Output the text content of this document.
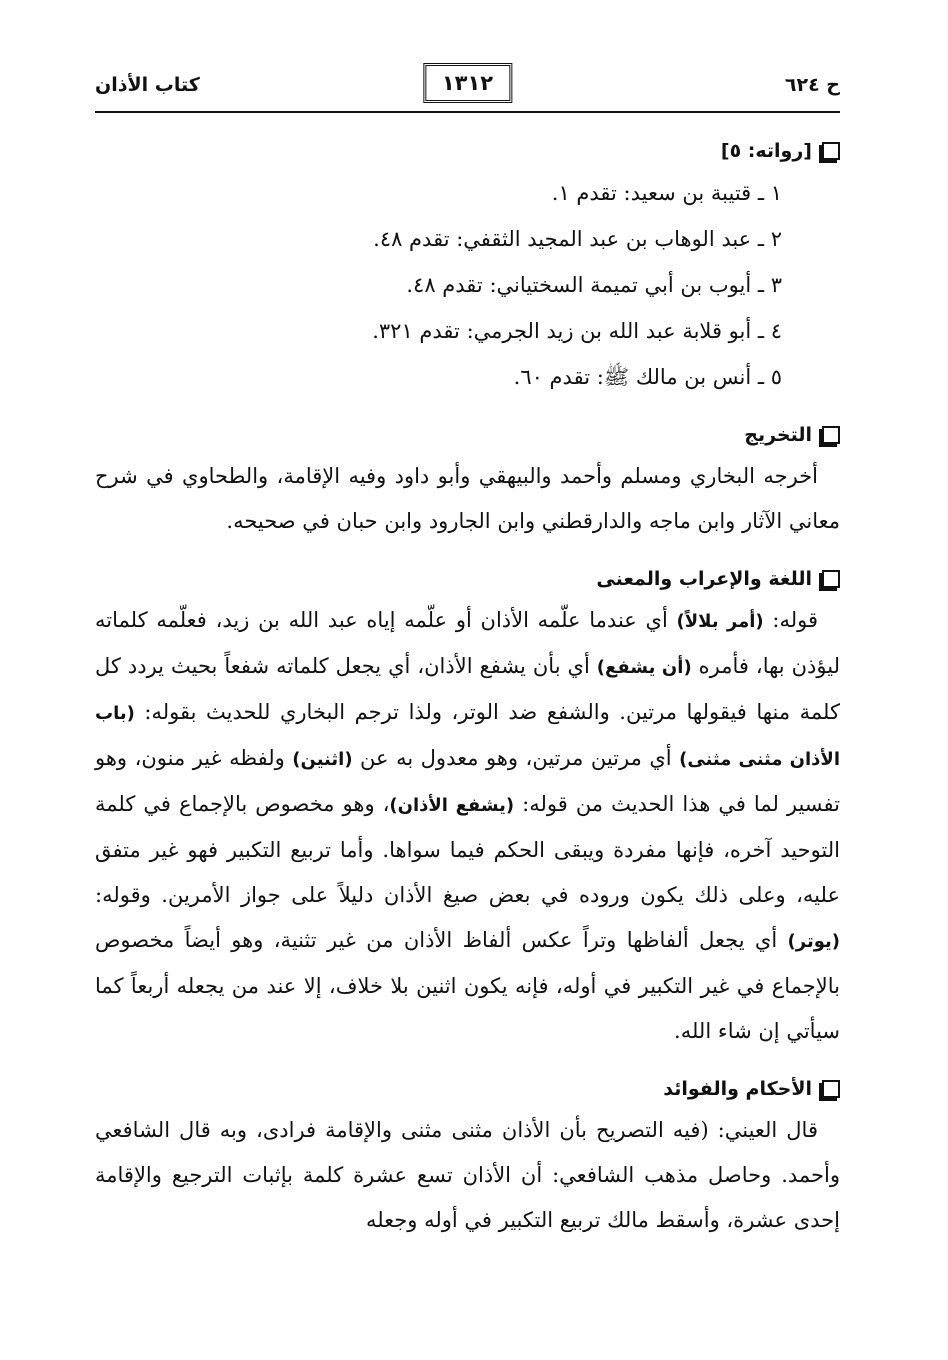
ح ٦٢٤
١٣١٢
كتاب الأذان
[رواته: ٥]
١ ـ قتيبة بن سعيد: تقدم ١.
٢ ـ عبد الوهاب بن عبد المجيد الثقفي: تقدم ٤٨.
٣ ـ أيوب بن أبي تميمة السختياني: تقدم ٤٨.
٤ ـ أبو قلابة عبد الله بن زيد الجرمي: تقدم ٣٢١.
٥ ـ أنس بن مالك ﷺ: تقدم ٦٠.
التخريج

أخرجه البخاري ومسلم وأحمد والبيهقي وأبو داود وفيه الإقامة، والطحاوي في شرح معاني الآثار وابن ماجه والدارقطني وابن الجارود وابن حبان في صحيحه.

اللغة والإعراب والمعنى

قوله: (أمر بلالاً) أي عندما علّمه الأذان أو علّمه إياه عبد الله بن زيد، فعلّمه كلماته ليؤذن بها، فأمره (أن يشفع) أي بأن يشفع الأذان، أي يجعل كلماته شفعاً بحيث يردد كل كلمة منها فيقولها مرتين. والشفع ضد الوتر، ولذا ترجم البخاري للحديث بقوله: (باب الأذان مثنى مثنى) أي مرتين مرتين، وهو معدول به عن (اثنين) ولفظه غير منون، وهو تفسير لما في هذا الحديث من قوله: (يشفع الأذان)، وهو مخصوص بالإجماع في كلمة التوحيد آخره، فإنها مفردة ويبقى الحكم فيما سواها. وأما تربيع التكبير فهو غير متفق عليه، وعلى ذلك يكون وروده في بعض صيغ الأذان دليلاً على جواز الأمرين. وقوله: (يوتر) أي يجعل ألفاظها وتراً عكس ألفاظ الأذان من غير تثنية، وهو أيضاً مخصوص بالإجماع في غير التكبير في أوله، فإنه يكون اثنين بلا خلاف، إلا عند من يجعله أربعاً كما سيأتي إن شاء الله.

الأحكام والفوائد

قال العيني: (فيه التصريح بأن الأذان مثنى مثنى والإقامة فرادى، وبه قال الشافعي وأحمد. وحاصل مذهب الشافعي: أن الأذان تسع عشرة كلمة بإثبات الترجيع والإقامة إحدى عشرة، وأسقط مالك تربيع التكبير في أوله وجعله
